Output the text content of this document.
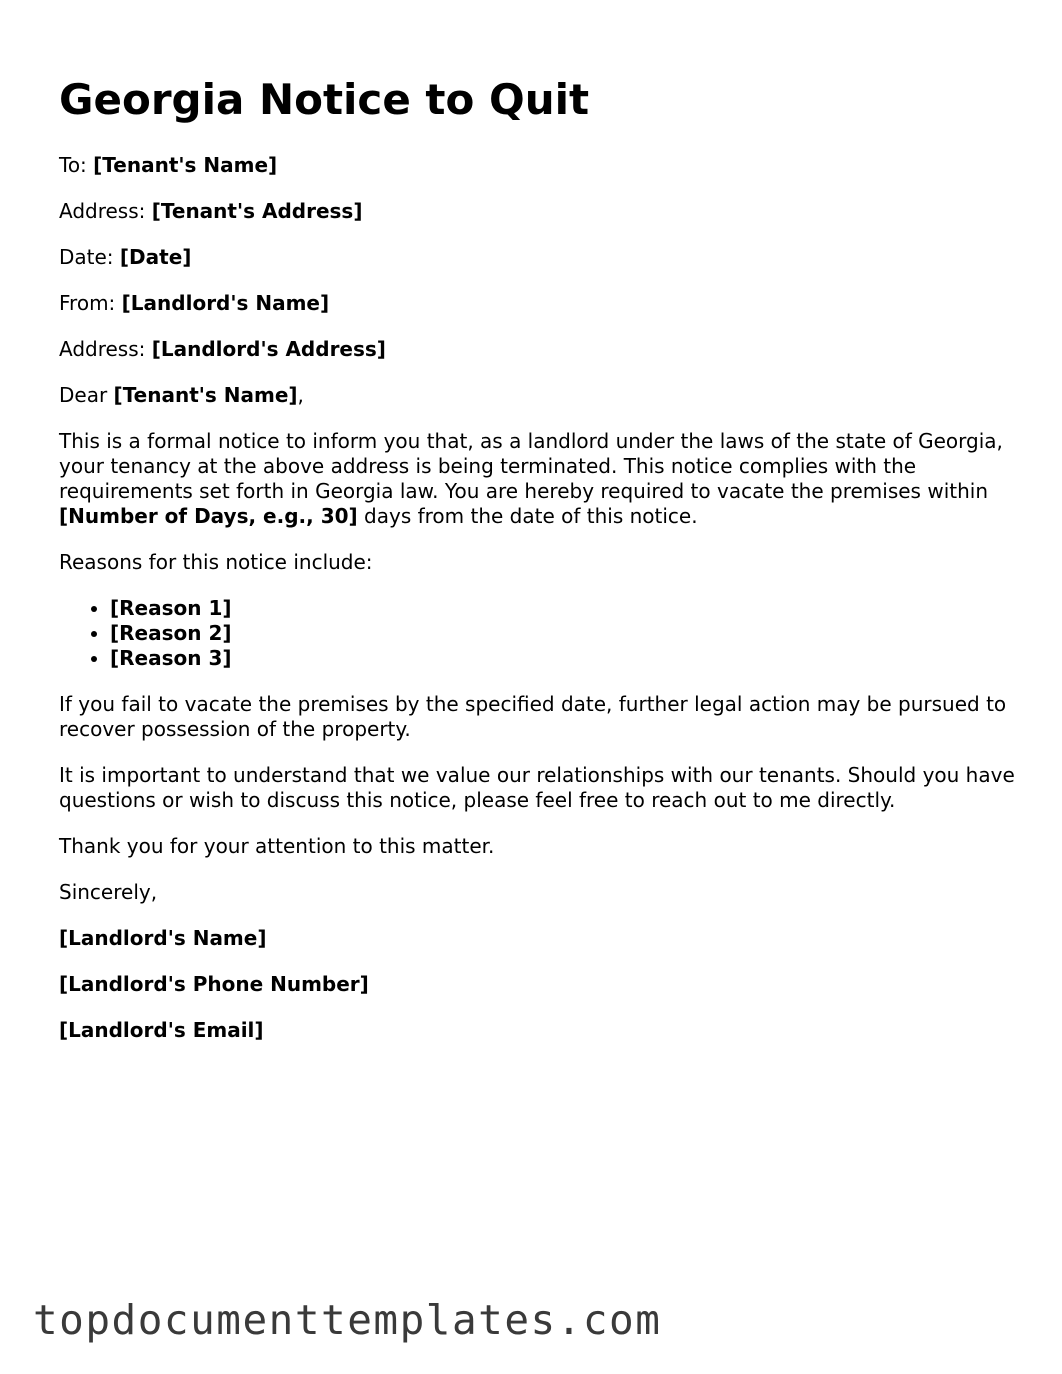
Georgia Notice to Quit

To: [Tenant's Name]

Address: [Tenant's Address]

Date: [Date]

From: [Landlord's Name]

Address: [Landlord's Address]

Dear [Tenant's Name],

This is a formal notice to inform you that, as a landlord under the laws of the state of Georgia, your tenancy at the above address is being terminated. This notice complies with the requirements set forth in Georgia law. You are hereby required to vacate the premises within [Number of Days, e.g., 30] days from the date of this notice.

Reasons for this notice include:

• [Reason 1]
• [Reason 2]
• [Reason 3]

If you fail to vacate the premises by the specified date, further legal action may be pursued to recover possession of the property.

It is important to understand that we value our relationships with our tenants. Should you have questions or wish to discuss this notice, please feel free to reach out to me directly.

Thank you for your attention to this matter.

Sincerely,

[Landlord's Name]

[Landlord's Phone Number]

[Landlord's Email]

topdocumenttemplates.com
